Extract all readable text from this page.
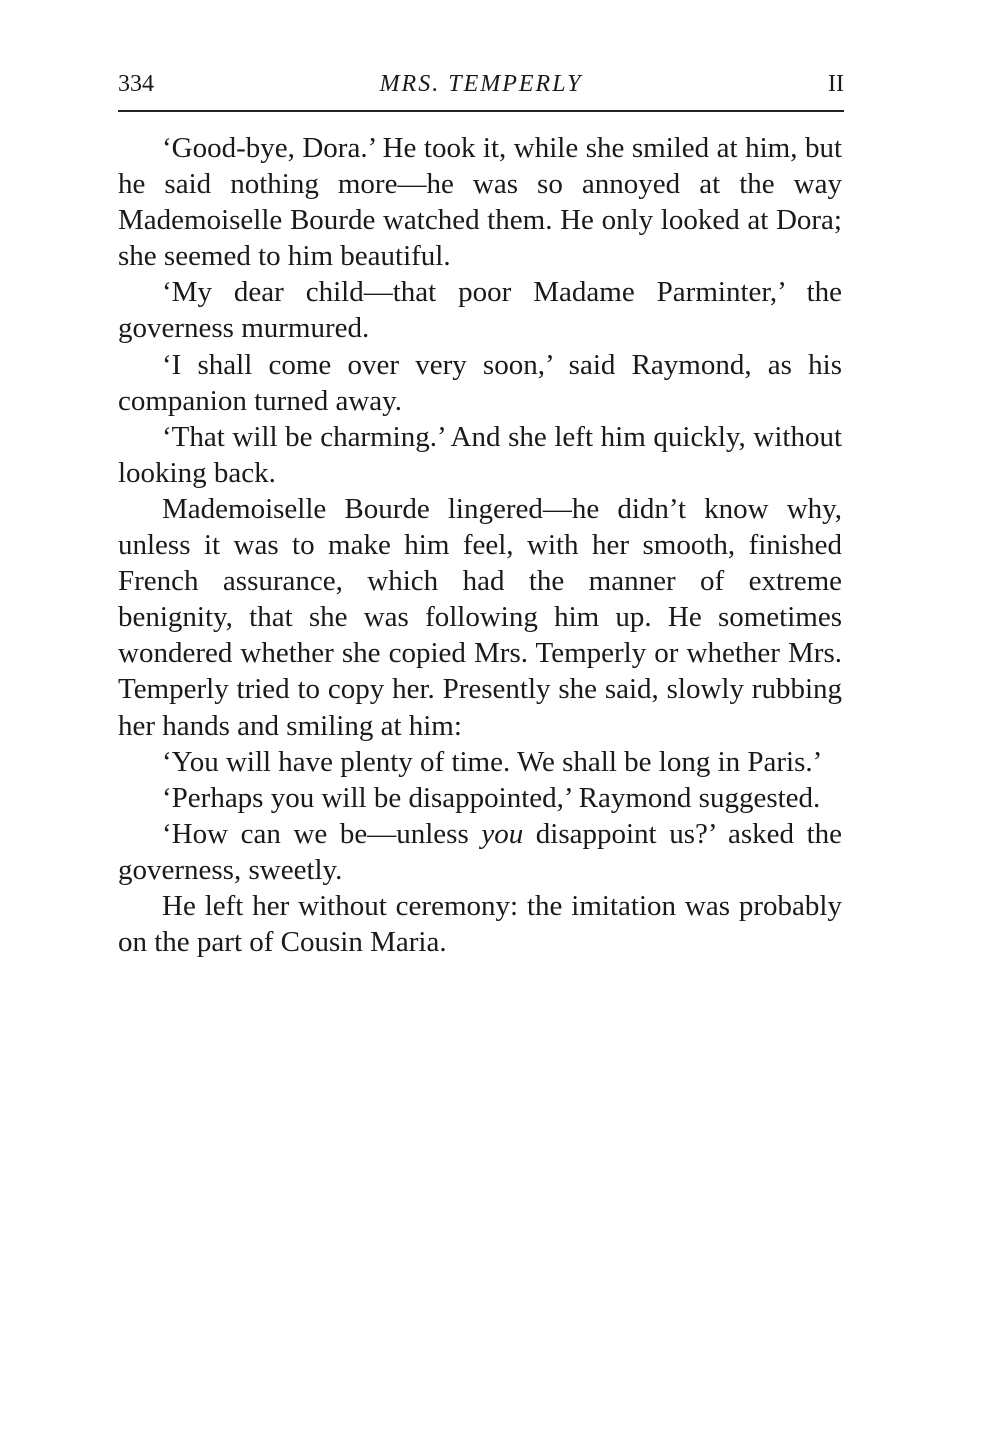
334	MRS. TEMPERLY	II

‘Good-bye, Dora.’ He took it, while she smiled at him, but he said nothing more—he was so annoyed at the way Mademoiselle Bourde watched them. He only looked at Dora; she seemed to him beautiful.

‘My dear child—that poor Madame Parminter,’ the governess murmured.

‘I shall come over very soon,’ said Raymond, as his companion turned away.

‘That will be charming.’ And she left him quickly, without looking back.

Mademoiselle Bourde lingered—he didn’t know why, unless it was to make him feel, with her smooth, finished French assurance, which had the manner of extreme benignity, that she was following him up. He sometimes wondered whether she copied Mrs. Temperly or whether Mrs. Temperly tried to copy her. Presently she said, slowly rubbing her hands and smiling at him:

‘You will have plenty of time. We shall be long in Paris.’

‘Perhaps you will be disappointed,’ Raymond suggested.

‘How can we be—unless you disappoint us?’ asked the governess, sweetly.

He left her without ceremony: the imitation was probably on the part of Cousin Maria.
